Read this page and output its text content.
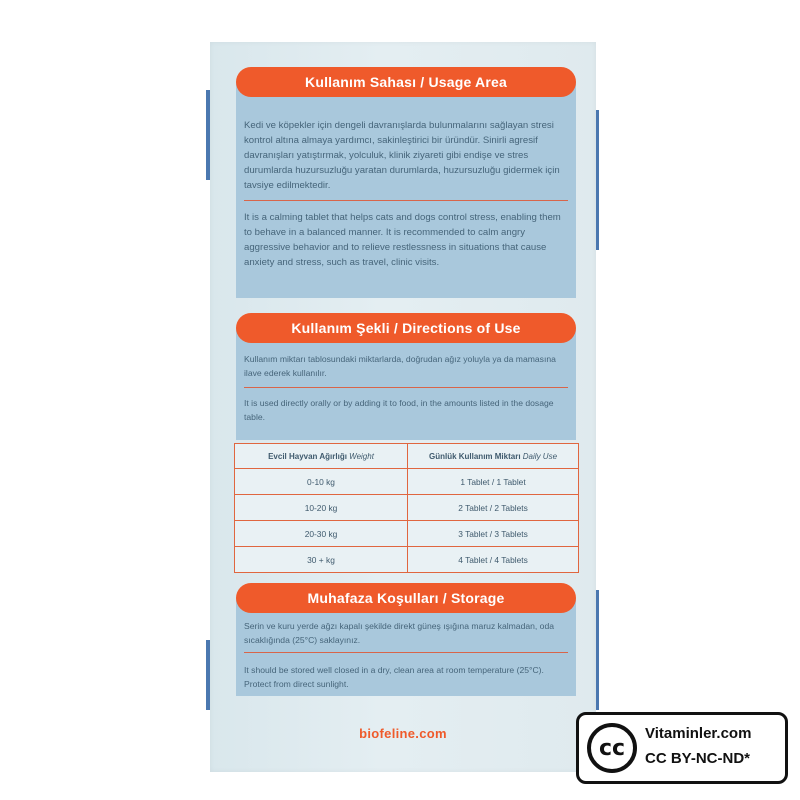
Kullanım Sahası / Usage Area
Kedi ve köpekler için dengeli davranışlarda bulunmalarını sağlayan stresi kontrol altına almaya yardımcı, sakinleştirici bir üründür. Sinirli agresif davranışları yatıştırmak, yolculuk, klinik ziyareti gibi endişe ve stres durumlarda huzursuzluğu yaratan durumlarda, huzursuzluğu gidermek için tavsiye edilmektedir.
It is a calming tablet that helps cats and dogs control stress, enabling them to behave in a balanced manner. It is recommended to calm angry aggressive behavior and to relieve restlessness in situations that cause anxiety and stress, such as travel, clinic visits.
Kullanım Şekli / Directions of Use
Kullanım miktarı tablosundaki miktarlarda, doğrudan ağız yoluyla ya da mamasına ilave ederek kullanılır.
It is used directly orally or by adding it to food, in the amounts listed in the dosage table.
Evcil Hayvan Ağırlığı Weight	Günlük Kullanım Miktarı Daily Use
0-10 kg	1 Tablet / 1 Tablet
10-20 kg	2 Tablet / 2 Tablets
20-30 kg	3 Tablet / 3 Tablets
30 + kg	4 Tablet / 4 Tablets
Muhafaza Koşulları / Storage
Serin ve kuru yerde ağzı kapalı şekilde direkt güneş ışığına maruz kalmadan, oda sıcaklığında (25°C) saklayınız.
It should be stored well closed in a dry, clean area at room temperature (25°C). Protect from direct sunlight.
biofeline.com
cc
Vitaminler.com
CC BY-NC-ND*
